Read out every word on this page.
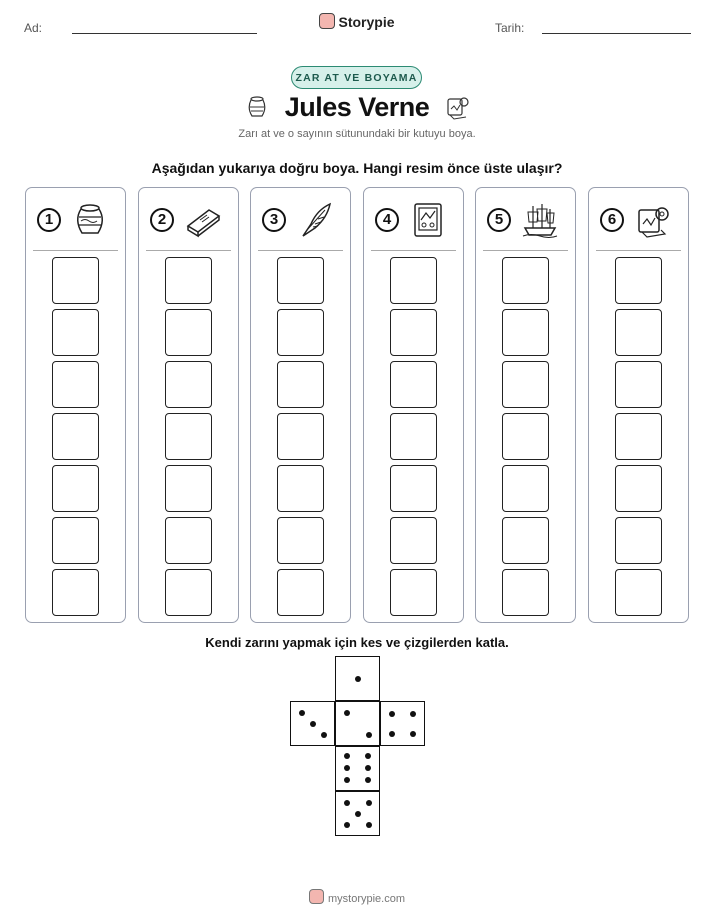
Ad:	Storypie	Tarih:
ZAR AT VE BOYAMA
Jules Verne
Zarı at ve o sayının sütunundaki bir kutuyu boya.
Aşağıdan yukarıya doğru boya. Hangi resim önce üste ulaşır?
1	2	3	4	5	6
Kendi zarını yapmak için kes ve çizgilerden katla.
mystorypie.com
